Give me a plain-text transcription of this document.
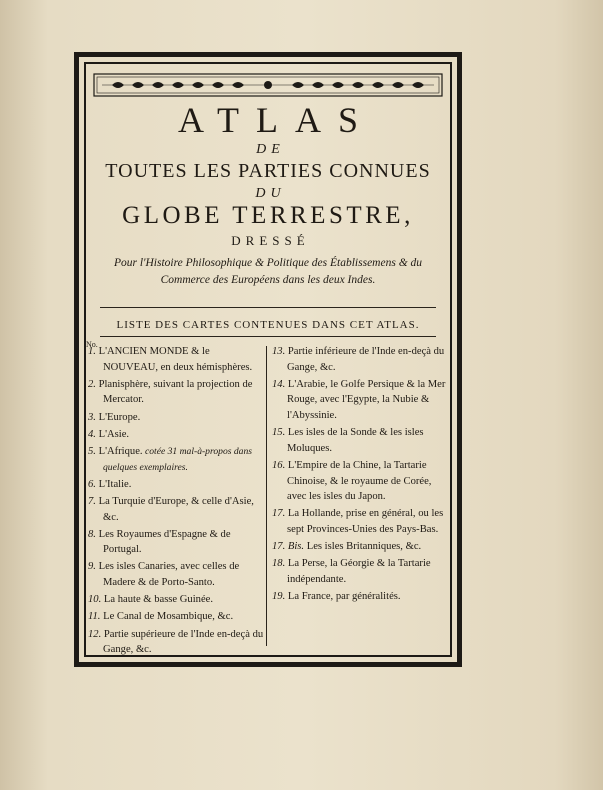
ATLAS
DE
TOUTES LES PARTIES CONNUES
DU
GLOBE TERRESTRE,
DRESSÉ
Pour l'Histoire Philosophique & Politique des Établissemens & du
Commerce des Européens dans les deux Indes.
LISTE DES CARTES CONTENUES DANS CET ATLAS.
No.
1. L'ANCIEN MONDE & le NOUVEAU, en deux hémisphères.
2. Planisphère, suivant la projection de Mercator.
3. L'Europe.
4. L'Asie.
5. L'Afrique. cotée 31 mal-à-propos dans quelques exemplaires.
6. L'Italie.
7. La Turquie d'Europe, & celle d'Asie, &c.
8. Les Royaumes d'Espagne & de Portugal.
9. Les isles Canaries, avec celles de Madere & de Porto-Santo.
10. La haute & basse Guinée.
11. Le Canal de Mosambique, &c.
12. Partie supérieure de l'Inde en-deçà du Gange, &c.
13. Partie inférieure de l'Inde en-deçà du Gange, &c.
14. L'Arabie, le Golfe Persique & la Mer Rouge, avec l'Egypte, la Nubie & l'Abyssinie.
15. Les isles de la Sonde & les isles Moluques.
16. L'Empire de la Chine, la Tartarie Chinoise, & le royaume de Corée, avec les isles du Japon.
17. La Hollande, prise en général, ou les sept Provinces-Unies des Pays-Bas.
17. Bis. Les isles Britanniques, &c.
18. La Perse, la Géorgie & la Tartarie indépendante.
19. La France, par généralités.
